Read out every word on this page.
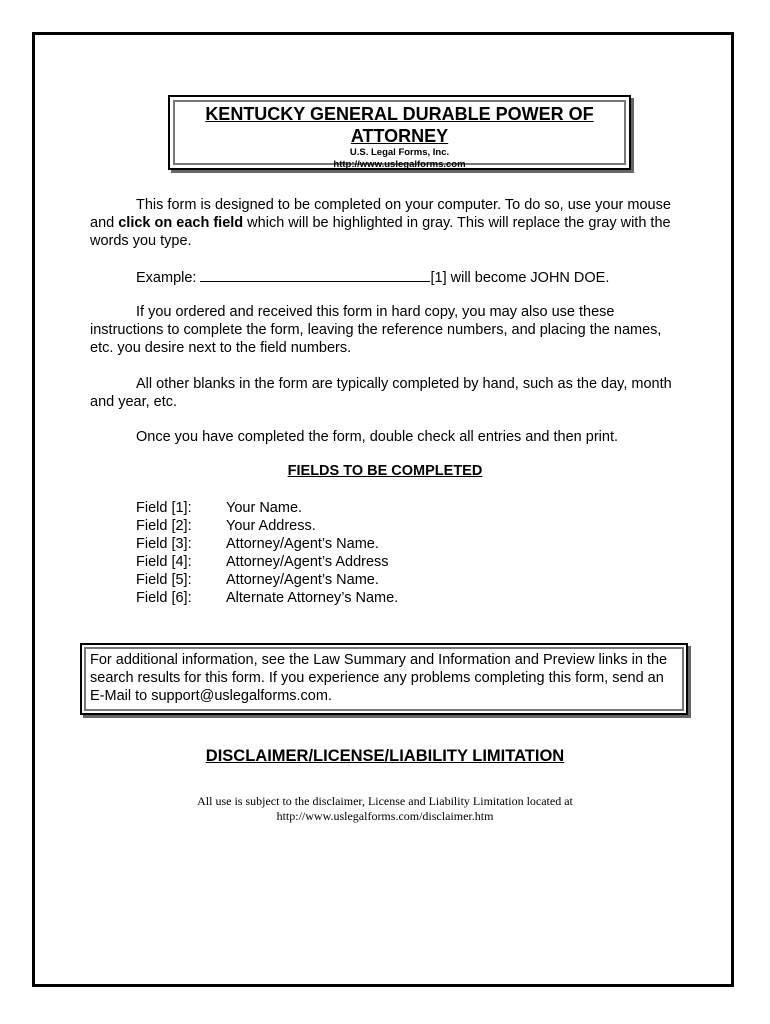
KENTUCKY GENERAL DURABLE POWER OF ATTORNEY
U.S. Legal Forms, Inc.
http://www.uslegalforms.com
This form is designed to be completed on your computer. To do so, use your mouse and click on each field which will be highlighted in gray. This will replace the gray with the words you type.
Example:	[1] will become JOHN DOE.
If you ordered and received this form in hard copy, you may also use these instructions to complete the form, leaving the reference numbers, and placing the names, etc. you desire next to the field numbers.
All other blanks in the form are typically completed by hand, such as the day, month and year, etc.
Once you have completed the form, double check all entries and then print.
FIELDS TO BE COMPLETED
Field [1]:	Your Name.
Field [2]:	Your Address.
Field [3]:	Attorney/Agent’s Name.
Field [4]:	Attorney/Agent’s Address
Field [5]:	Attorney/Agent’s Name.
Field [6]:	Alternate Attorney’s Name.
For additional information, see the Law Summary and Information and Preview links in the search results for this form. If you experience any problems completing this form, send an E-Mail to support@uslegalforms.com.
DISCLAIMER/LICENSE/LIABILITY LIMITATION
All use is subject to the disclaimer, License and Liability Limitation located at
http://www.uslegalforms.com/disclaimer.htm
